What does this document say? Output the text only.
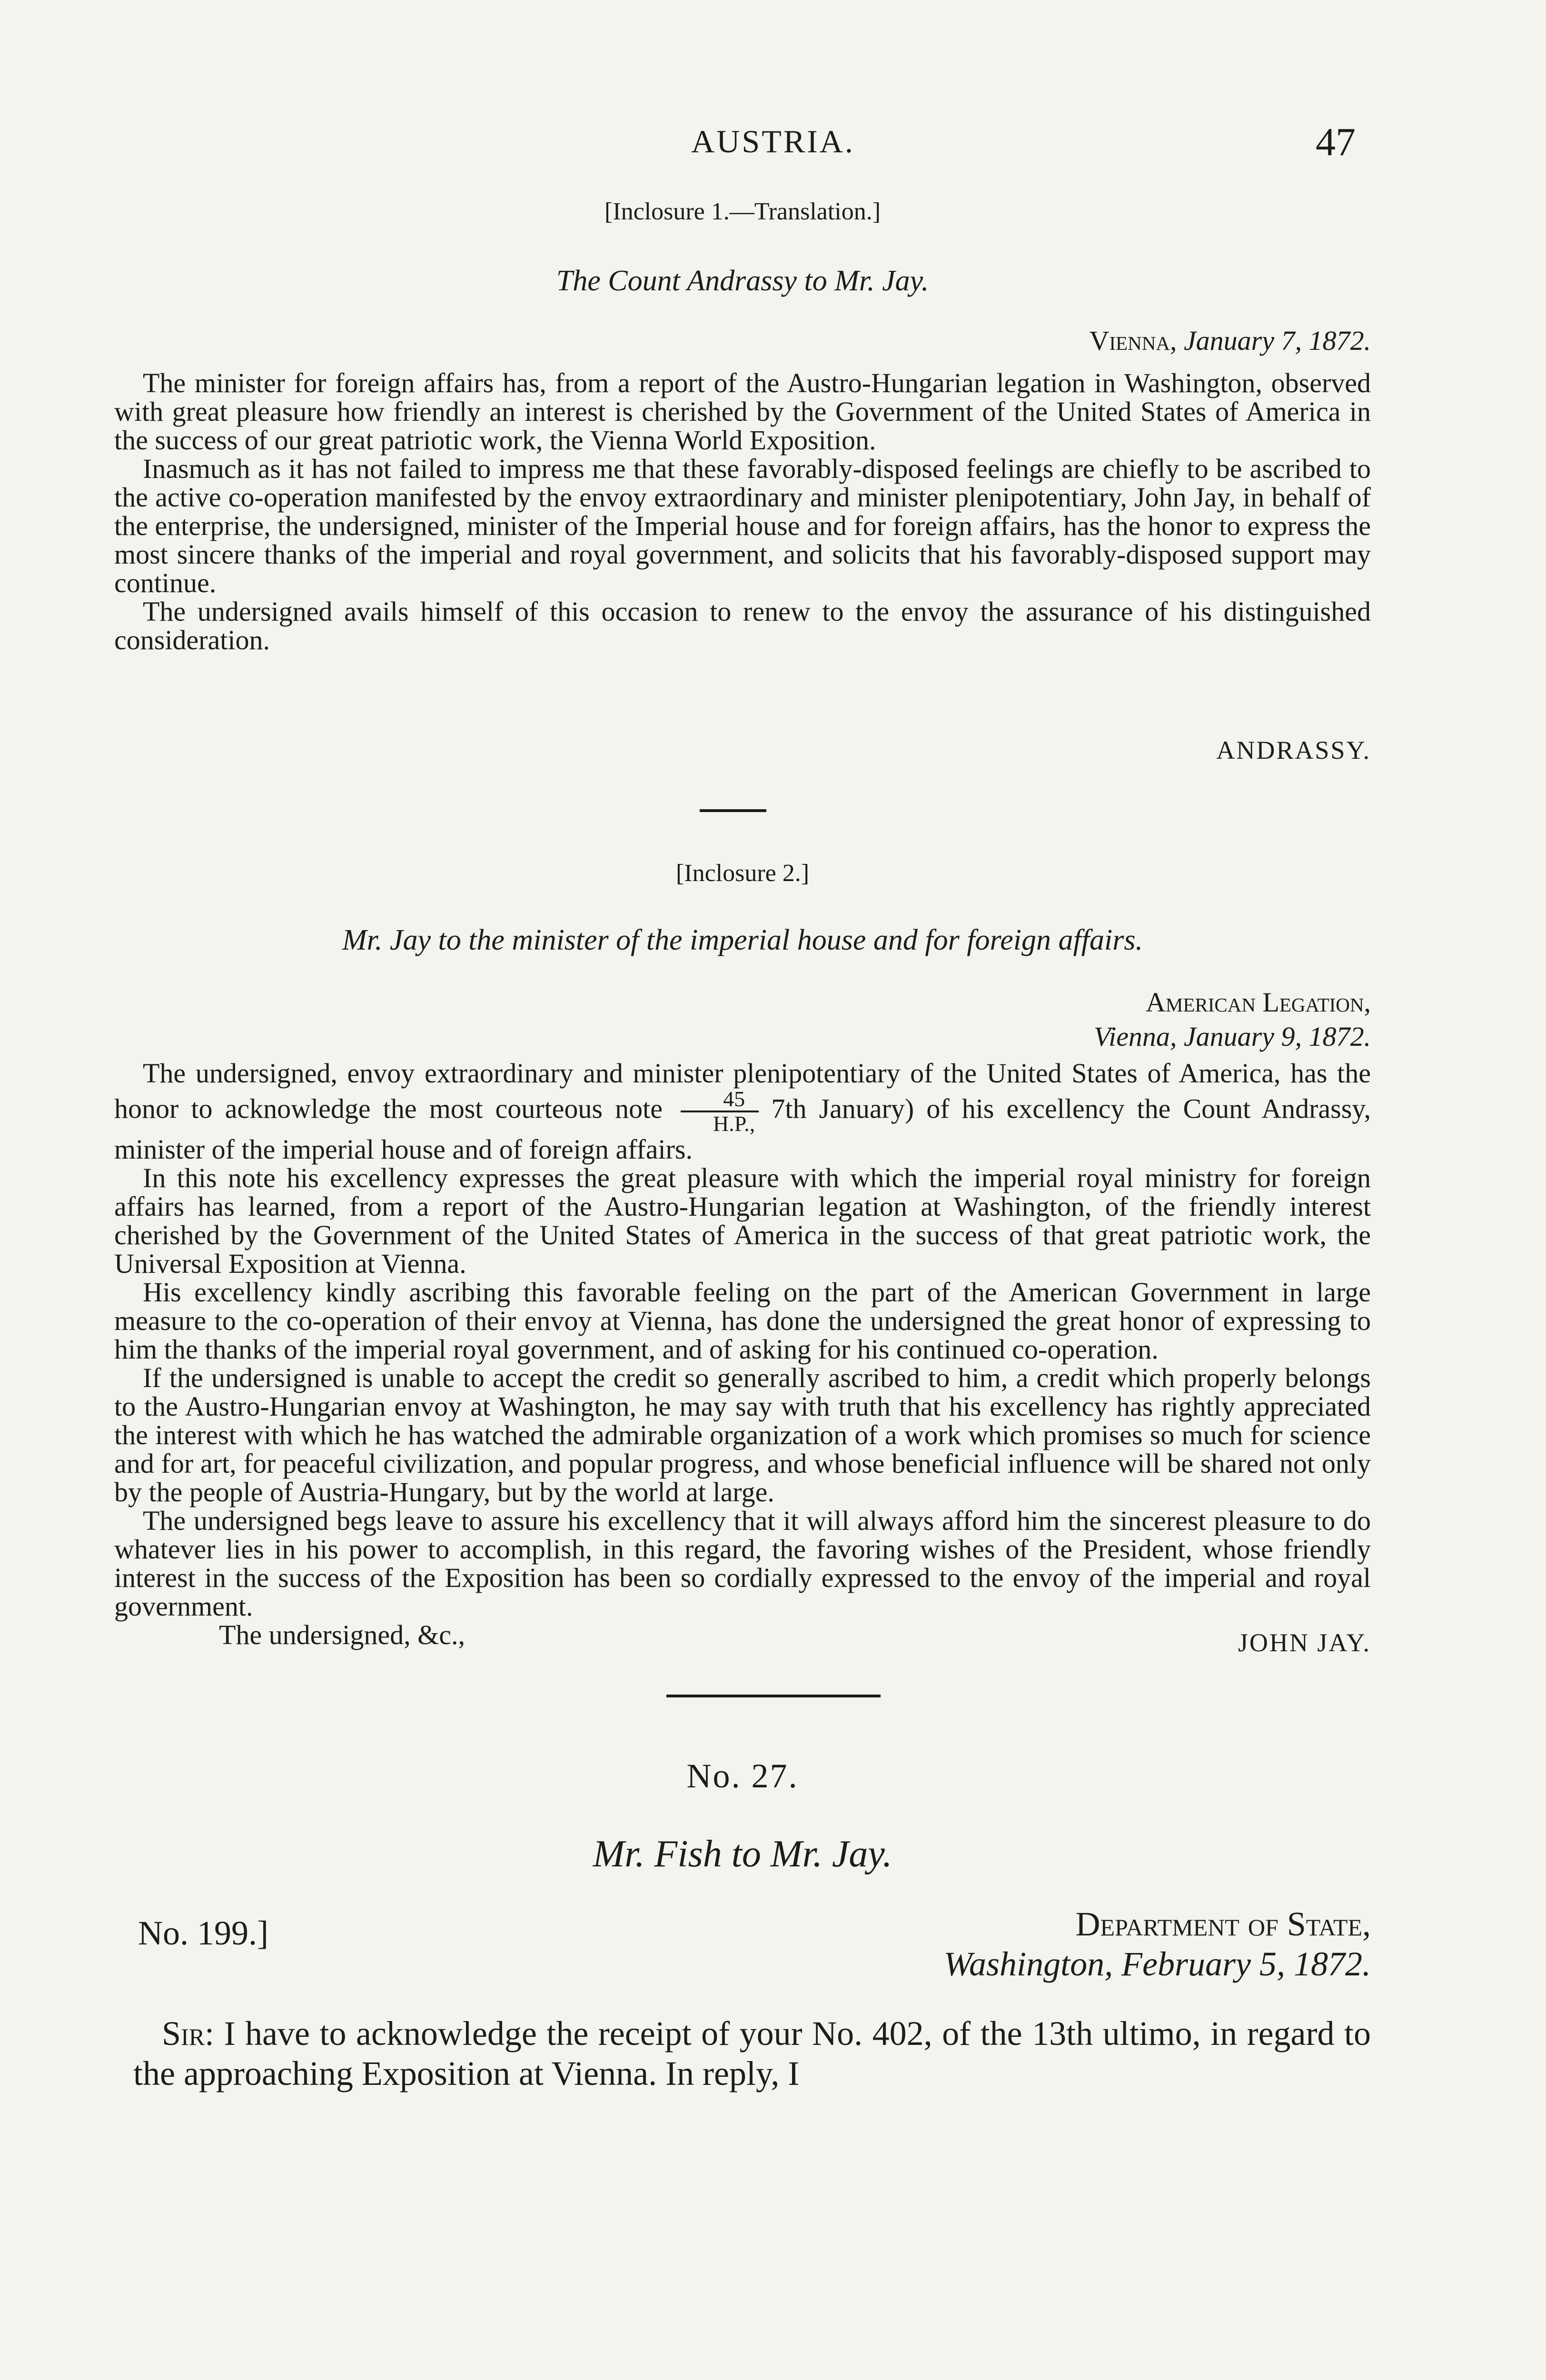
AUSTRIA.	47
[Inclosure 1.—Translation.]
The Count Andrassy to Mr. Jay.
Vienna, January 7, 1872.

The minister for foreign affairs has, from a report of the Austro-Hungarian legation in Washington, observed with great pleasure how friendly an interest is cherished by the Government of the United States of America in the success of our great patriotic work, the Vienna World Exposition.

Inasmuch as it has not failed to impress me that these favorably-disposed feelings are chiefly to be ascribed to the active co-operation manifested by the envoy extraordinary and minister plenipotentiary, John Jay, in behalf of the enterprise, the undersigned, minister of the Imperial house and for foreign affairs, has the honor to express the most sincere thanks of the imperial and royal government, and solicits that his favorably-disposed support may continue.

The undersigned avails himself of this occasion to renew to the envoy the assurance of his distinguished consideration.

ANDRASSY.
[Inclosure 2.]
Mr. Jay to the minister of the imperial house and for foreign affairs.
American Legation,
Vienna, January 9, 1872.

The undersigned, envoy extraordinary and minister plenipotentiary of the United States of America, has the honor to acknowledge the most courteous note $\frac{45}{H.P.,} 7th$ January) of his excellency the Count Andrassy, minister of the imperial house and of foreign affairs.

In this note his excellency expresses the great pleasure with which the imperial royal ministry for foreign affairs has learned, from a report of the Austro-Hungarian legation at Washington, of the friendly interest cherished by the Government of the United States of America in the success of that great patriotic work, the Universal Exposition at Vienna.

His excellency kindly ascribing this favorable feeling on the part of the American Government in large measure to the co-operation of their envoy at Vienna, has done the undersigned the great honor of expressing to him the thanks of the imperial royal government, and of asking for his continued co-operation.

If the undersigned is unable to accept the credit so generally ascribed to him, a credit which properly belongs to the Austro-Hungarian envoy at Washington, he may say with truth that his excellency has rightly appreciated the interest with which he has watched the admirable organization of a work which promises so much for science and for art, for peaceful civilization, and popular progress, and whose beneficial influence will be shared not only by the people of Austria-Hungary, but by the world at large.

The undersigned begs leave to assure his excellency that it will always afford him the sincerest pleasure to do whatever lies in his power to accomplish, in this regard, the favoring wishes of the President, whose friendly interest in the success of the Exposition has been so cordially expressed to the envoy of the imperial and royal government.

The undersigned, &c.,	JOHN JAY.
No. 27.
Mr. Fish to Mr. Jay.
No. 199.]	Department of State,
Washington, February 5, 1872.

Sir: I have to acknowledge the receipt of your No. 402, of the 13th ultimo, in regard to the approaching Exposition at Vienna. In reply, I
